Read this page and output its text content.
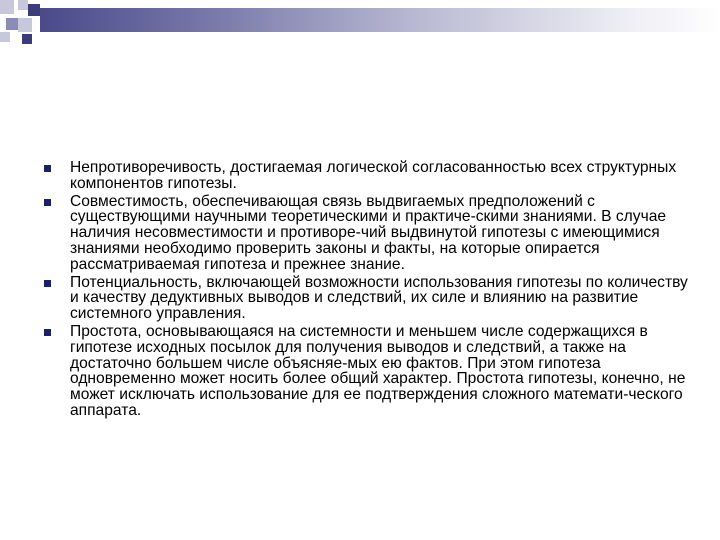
Непротиворечивость, достигаемая логической согласованностью всех структурных компонентов гипотезы.
Совместимость, обеспечивающая связь выдвигаемых предположений с существующими научными теоретическими и практиче-скими знаниями. В случае наличия несовместимости и противоре-чий выдвинутой гипотезы с имеющимися знаниями необходимо проверить законы и факты, на которые опирается рассматриваемая гипотеза и прежнее знание.
Потенциальность, включающей возможности использования гипотезы по количеству и качеству дедуктивных выводов и следствий, их силе и влиянию на развитие системного управления.
Простота, основывающаяся на системности и меньшем числе содержащихся в гипотезе исходных посылок для получения выводов и следствий, а также на достаточно большем числе объясняе-мых ею фактов. При этом гипотеза одновременно может носить более общий характер. Простота гипотезы, конечно, не может исключать использование для ее подтверждения сложного математи-ческого аппарата.
